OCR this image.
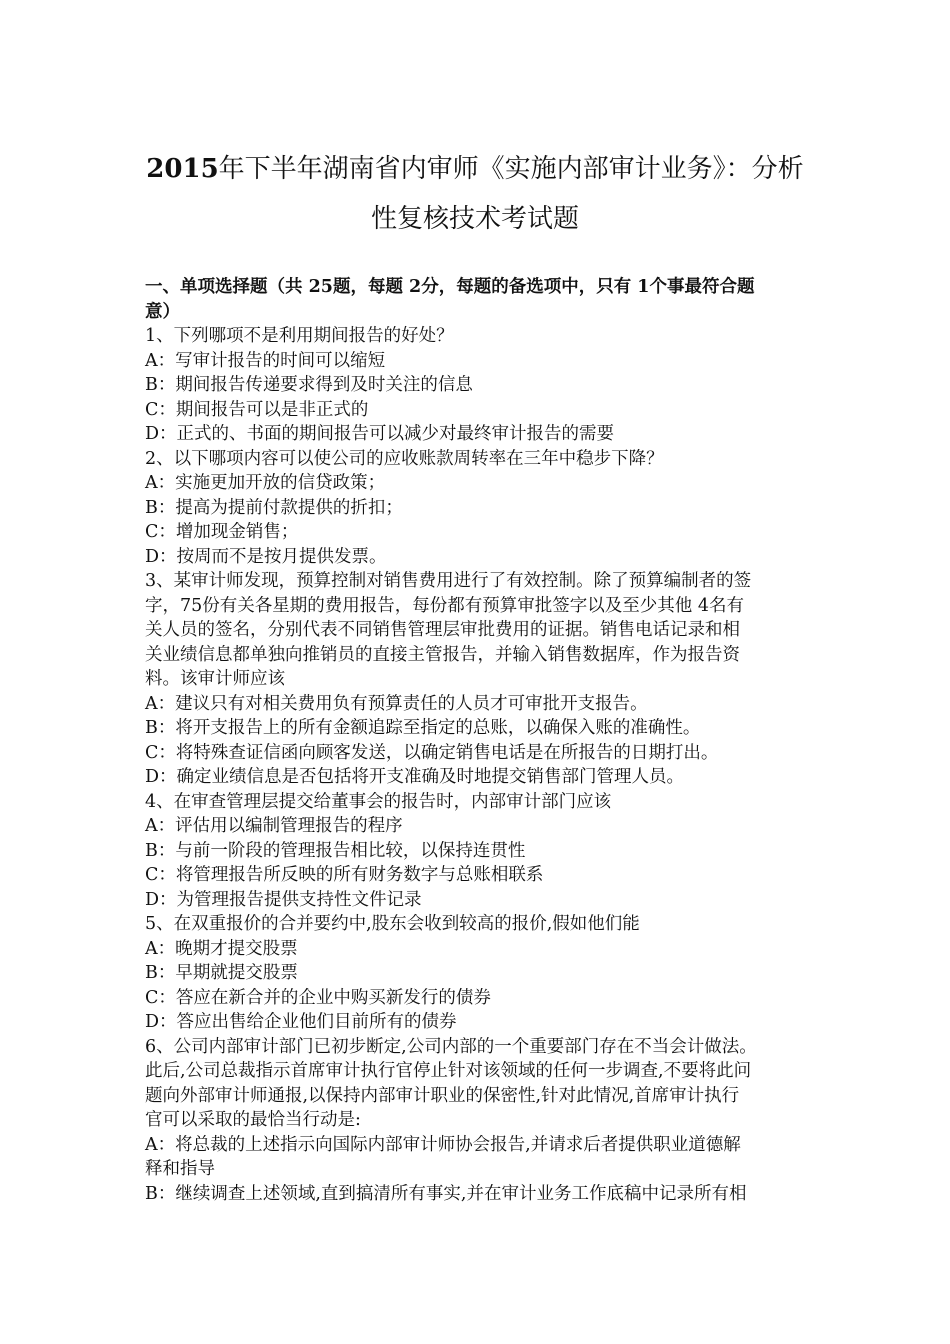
2015年下半年湖南省内审师《实施内部审计业务》：分析
性复核技术考试题

一、单项选择题（共 25题，每题 2分，每题的备选项中，只有 1个事最符合题

意）

1、下列哪项不是利用期间报告的好处？

A：写审计报告的时间可以缩短

B：期间报告传递要求得到及时关注的信息

C：期间报告可以是非正式的

D：正式的、书面的期间报告可以减少对最终审计报告的需要

2、以下哪项内容可以使公司的应收账款周转率在三年中稳步下降？

A：实施更加开放的信贷政策；

B：提高为提前付款提供的折扣；

C：增加现金销售；

D：按周而不是按月提供发票。

3、某审计师发现，预算控制对销售费用进行了有效控制。除了预算编制者的签

字，75份有关各星期的费用报告，每份都有预算审批签字以及至少其他 4名有

关人员的签名，分别代表不同销售管理层审批费用的证据。销售电话记录和相

关业绩信息都单独向推销员的直接主管报告，并输入销售数据库，作为报告资

料。该审计师应该

A：建议只有对相关费用负有预算责任的人员才可审批开支报告。

B：将开支报告上的所有金额追踪至指定的总账，以确保入账的准确性。

C：将特殊查证信函向顾客发送，以确定销售电话是在所报告的日期打出。

D：确定业绩信息是否包括将开支准确及时地提交销售部门管理人员。

4、在审查管理层提交给董事会的报告时，内部审计部门应该

A：评估用以编制管理报告的程序

B：与前一阶段的管理报告相比较，以保持连贯性

C：将管理报告所反映的所有财务数字与总账相联系

D：为管理报告提供支持性文件记录

5、在双重报价的合并要约中,股东会收到较高的报价,假如他们能

A：晚期才提交股票

B：早期就提交股票

C：答应在新合并的企业中购买新发行的债券

D：答应出售给企业他们目前所有的债券

6、公司内部审计部门已初步断定,公司内部的一个重要部门存在不当会计做法。

此后,公司总裁指示首席审计执行官停止针对该领域的任何一步调查,不要将此问

题向外部审计师通报,以保持内部审计职业的保密性,针对此情况,首席审计执行

官可以采取的最恰当行动是:

A：将总裁的上述指示向国际内部审计师协会报告,并请求后者提供职业道德解

释和指导

B：继续调查上述领域,直到搞清所有事实,并在审计业务工作底稿中记录所有相
